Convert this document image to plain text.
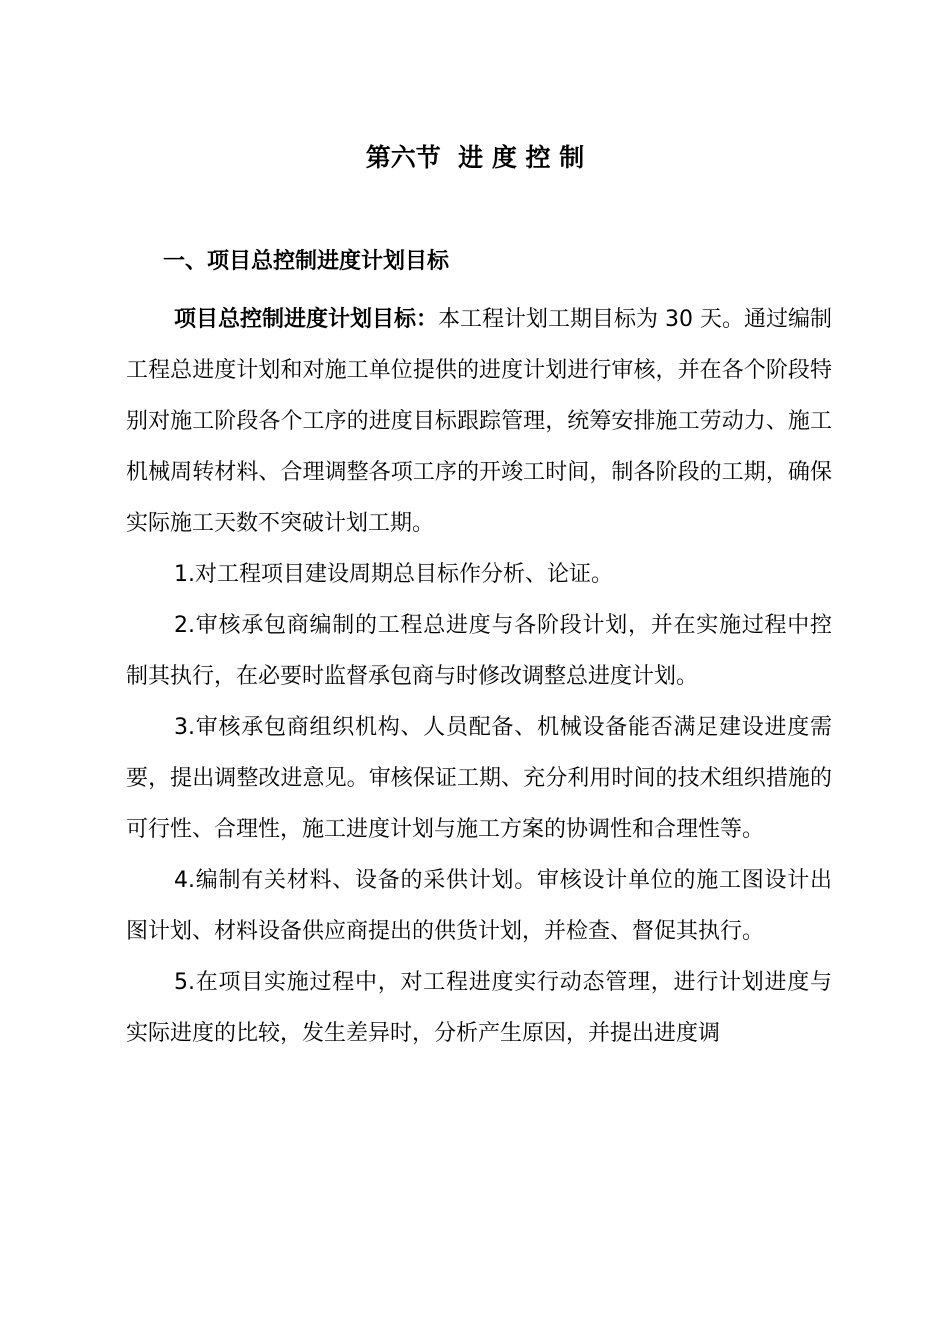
第六节  进 度 控 制
一、项目总控制进度计划目标

项目总控制进度计划目标：本工程计划工期目标为 30 天。通过编制工程总进度计划和对施工单位提供的进度计划进行审核，并在各个阶段特别对施工阶段各个工序的进度目标跟踪管理，统筹安排施工劳动力、施工机械周转材料、合理调整各项工序的开竣工时间，制各阶段的工期，确保实际施工天数不突破计划工期。

1.对工程项目建设周期总目标作分析、论证。

2.审核承包商编制的工程总进度与各阶段计划，并在实施过程中控制其执行，在必要时监督承包商与时修改调整总进度计划。

3.审核承包商组织机构、人员配备、机械设备能否满足建设进度需要，提出调整改进意见。审核保证工期、充分利用时间的技术组织措施的可行性、合理性，施工进度计划与施工方案的协调性和合理性等。

4.编制有关材料、设备的采供计划。审核设计单位的施工图设计出图计划、材料设备供应商提出的供货计划，并检查、督促其执行。

5.在项目实施过程中，对工程进度实行动态管理，进行计划进度与实际进度的比较，发生差异时，分析产生原因，并提出进度调
